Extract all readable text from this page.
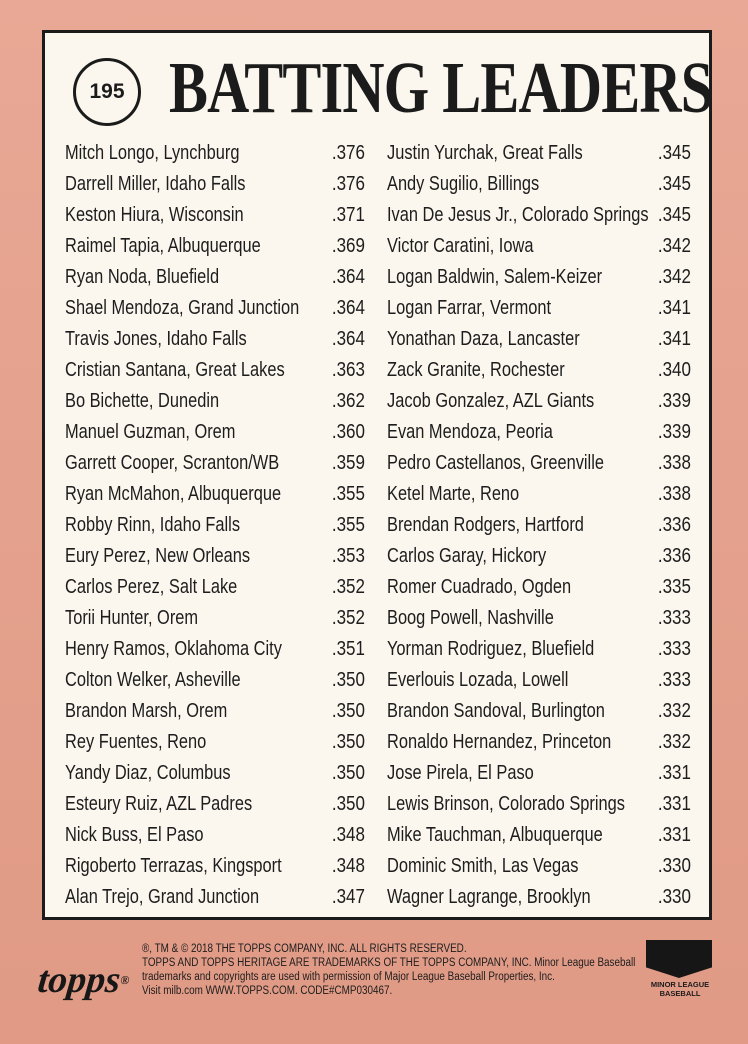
195 BATTING LEADERS
Mitch Longo, Lynchburg	.376
Darrell Miller, Idaho Falls	.376
Keston Hiura, Wisconsin	.371
Raimel Tapia, Albuquerque	.369
Ryan Noda, Bluefield	.364
Shael Mendoza, Grand Junction .364
Travis Jones, Idaho Falls	.364
Cristian Santana, Great Lakes .363
Bo Bichette, Dunedin	.362
Manuel Guzman, Orem	.360
Garrett Cooper, Scranton/WB	.359
Ryan McMahon, Albuquerque	.355
Robby Rinn, Idaho Falls	.355
Eury Perez, New Orleans	.353
Carlos Perez, Salt Lake	.352
Torii Hunter, Orem	.352
Henry Ramos, Oklahoma City .351
Colton Welker, Asheville	.350
Brandon Marsh, Orem	.350
Rey Fuentes, Reno	.350
Yandy Diaz, Columbus	.350
Esteury Ruiz, AZL Padres	.350
Nick Buss, El Paso	.348
Rigoberto Terrazas, Kingsport	.348
Alan Trejo, Grand Junction	.347
Justin Yurchak, Great Falls	.345
Andy Sugilio, Billings	.345
Ivan De Jesus Jr., Colorado Springs .345
Victor Caratini, Iowa	.342
Logan Baldwin, Salem-Keizer	.342
Logan Farrar, Vermont	.341
Yonathan Daza, Lancaster	.341
Zack Granite, Rochester	.340
Jacob Gonzalez, AZL Giants	.339
Evan Mendoza, Peoria	.339
Pedro Castellanos, Greenville	.338
Ketel Marte, Reno	.338
Brendan Rodgers, Hartford	.336
Carlos Garay, Hickory	.336
Romer Cuadrado, Ogden	.335
Boog Powell, Nashville	.333
Yorman Rodriguez, Bluefield	.333
Everlouis Lozada, Lowell	.333
Brandon Sandoval, Burlington	.332
Ronaldo Hernandez, Princeton .332
Jose Pirela, El Paso	.331
Lewis Brinson, Colorado Springs .331
Mike Tauchman, Albuquerque	.331
Dominic Smith, Las Vegas	.330
Wagner Lagrange, Brooklyn	.330
topps®
®, TM & © 2018 THE TOPPS COMPANY, INC. ALL RIGHTS RESERVED.
TOPPS AND TOPPS HERITAGE ARE TRADEMARKS OF THE TOPPS COMPANY, INC. Minor League Baseball
trademarks and copyrights are used with permission of Major League Baseball Properties, Inc.
Visit milb.com WWW.TOPPS.COM. CODE#CMP030467.
MINOR LEAGUE BASEBALL
